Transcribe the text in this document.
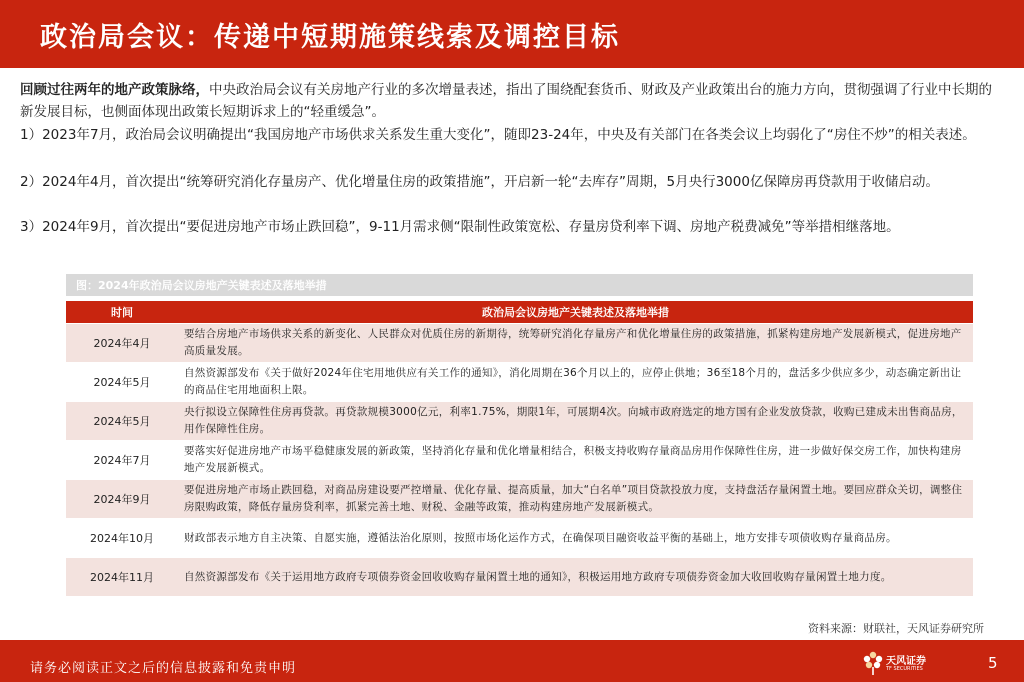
政治局会议：传递中短期施策线索及调控目标
回顾过往两年的地产政策脉络，中央政治局会议有关房地产行业的多次增量表述，指出了围绕配套货币、财政及产业政策出台的施力方向，贯彻强调了行业中长期的新发展目标，也侧面体现出政策长短期诉求上的“轻重缓急”。
1）2023年7月，政治局会议明确提出“我国房地产市场供求关系发生重大变化”，随即23-24年，中央及有关部门在各类会议上均弱化了“房住不炒”的相关表述。
2）2024年4月，首次提出“统筹研究消化存量房产、优化增量住房的政策措施”，开启新一轮“去库存”周期，5月央行3000亿保障房再贷款用于收储启动。
3）2024年9月，首次提出“要促进房地产市场止跌回稳”，9-11月需求侧“限制性政策宽松、存量房贷利率下调、房地产税费减免”等举措相继落地。
图：2024年政治局会议房地产关键表述及落地举措
时间	政治局会议房地产关键表述及落地举措
2024年4月	要结合房地产市场供求关系的新变化、人民群众对优质住房的新期待，统筹研究消化存量房产和优化增量住房的政策措施，抓紧构建房地产发展新模式，促进房地产高质量发展。
2024年5月	自然资源部发布《关于做好2024年住宅用地供应有关工作的通知》，消化周期在36个月以上的，应停止供地；36至18个月的，盘活多少供应多少，动态确定新出让的商品住宅用地面积上限。
2024年5月	央行拟设立保障性住房再贷款。再贷款规模3000亿元，利率1.75%，期限1年，可展期4次。向城市政府选定的地方国有企业发放贷款，收购已建成未出售商品房，用作保障性住房。
2024年7月	要落实好促进房地产市场平稳健康发展的新政策，坚持消化存量和优化增量相结合，积极支持收购存量商品房用作保障性住房，进一步做好保交房工作，加快构建房地产发展新模式。
2024年9月	要促进房地产市场止跌回稳，对商品房建设要严控增量、优化存量、提高质量，加大“白名单”项目贷款投放力度，支持盘活存量闲置土地。要回应群众关切，调整住房限购政策，降低存量房贷利率，抓紧完善土地、财税、金融等政策，推动构建房地产发展新模式。
2024年10月	财政部表示地方自主决策、自愿实施，遵循法治化原则，按照市场化运作方式，在确保项目融资收益平衡的基础上，地方安排专项债收购存量商品房。
2024年11月	自然资源部发布《关于运用地方政府专项债券资金回收收购存量闲置土地的通知》，积极运用地方政府专项债券资金加大收回收购存量闲置土地力度。
资料来源：财联社，天风证券研究所
请务必阅读正文之后的信息披露和免责申明	天风证券
TF SECURITIES	5
